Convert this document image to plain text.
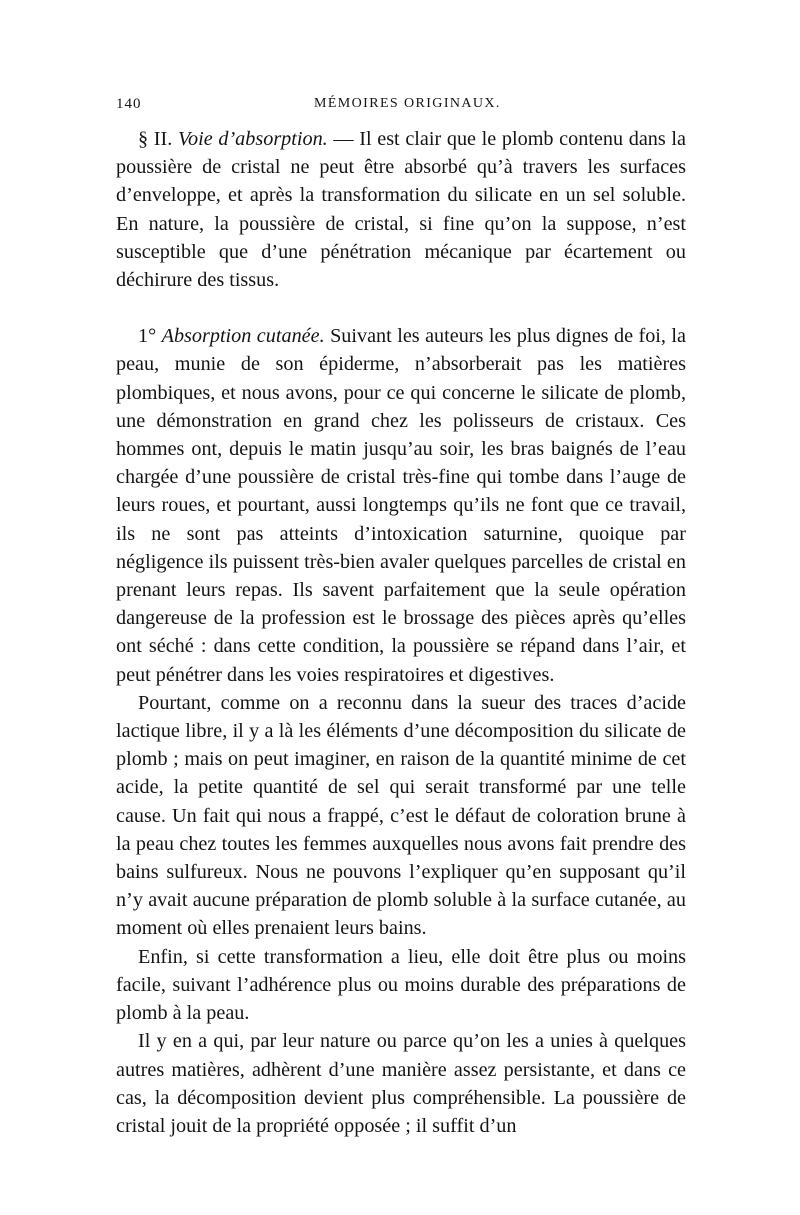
140	MÉMOIRES ORIGINAUX.

§ II. Voie d’absorption. — Il est clair que le plomb contenu dans la poussière de cristal ne peut être absorbé qu’à travers les surfaces d’enveloppe, et après la transformation du silicate en un sel soluble. En nature, la poussière de cristal, si fine qu’on la suppose, n’est susceptible que d’une pénétration mécanique par écartement ou déchirure des tissus.

1° Absorption cutanée. Suivant les auteurs les plus dignes de foi, la peau, munie de son épiderme, n’absorberait pas les matières plombiques, et nous avons, pour ce qui concerne le silicate de plomb, une démonstration en grand chez les polisseurs de cristaux. Ces hommes ont, depuis le matin jusqu’au soir, les bras baignés de l’eau chargée d’une poussière de cristal très-fine qui tombe dans l’auge de leurs roues, et pourtant, aussi longtemps qu’ils ne font que ce travail, ils ne sont pas atteints d’intoxication saturnine, quoique par négligence ils puissent très-bien avaler quelques parcelles de cristal en prenant leurs repas. Ils savent parfaitement que la seule opération dangereuse de la profession est le brossage des pièces après qu’elles ont séché : dans cette condition, la poussière se répand dans l’air, et peut pénétrer dans les voies respiratoires et digestives.

Pourtant, comme on a reconnu dans la sueur des traces d’acide lactique libre, il y a là les éléments d’une décomposition du silicate de plomb ; mais on peut imaginer, en raison de la quantité minime de cet acide, la petite quantité de sel qui serait transformé par une telle cause. Un fait qui nous a frappé, c’est le défaut de coloration brune à la peau chez toutes les femmes auxquelles nous avons fait prendre des bains sulfureux. Nous ne pouvons l’expliquer qu’en supposant qu’il n’y avait aucune préparation de plomb soluble à la surface cutanée, au moment où elles prenaient leurs bains.

Enfin, si cette transformation a lieu, elle doit être plus ou moins facile, suivant l’adhérence plus ou moins durable des préparations de plomb à la peau.

Il y en a qui, par leur nature ou parce qu’on les a unies à quelques autres matières, adhèrent d’une manière assez persistante, et dans ce cas, la décomposition devient plus compréhensible. La poussière de cristal jouit de la propriété opposée ; il suffit d’un
